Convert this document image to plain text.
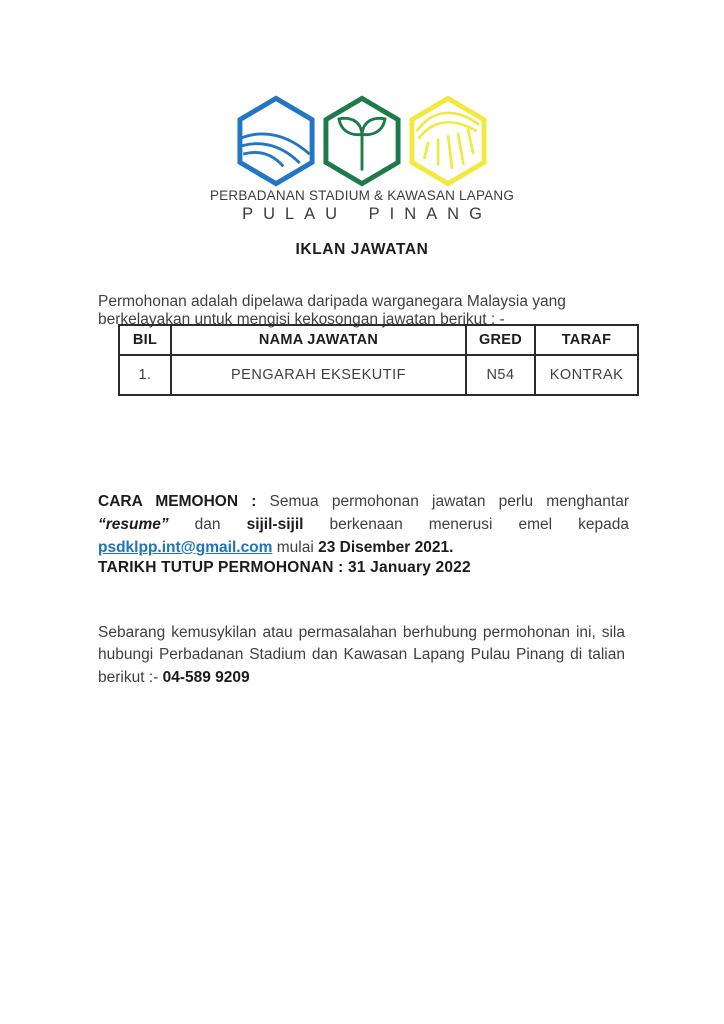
PERBADANAN STADIUM & KAWASAN LAPANG
PULAU PINANG
IKLAN JAWATAN

Permohonan adalah dipelawa daripada warganegara Malaysia yang berkelayakan untuk mengisi kekosongan jawatan berikut : -

BIL	NAMA JAWATAN	GRED	TARAF
1.	PENGARAH EKSEKUTIF	N54	KONTRAK

CARA MEMOHON : Semua permohonan jawatan perlu menghantar “resume” dan sijil-sijil berkenaan menerusi emel kepada psdklpp.int@gmail.com mulai 23 Disember 2021.

TARIKH TUTUP PERMOHONAN : 31 January 2022

Sebarang kemusykilan atau permasalahan berhubung permohonan ini, sila hubungi Perbadanan Stadium dan Kawasan Lapang Pulau Pinang di talian berikut :- 04-589 9209
